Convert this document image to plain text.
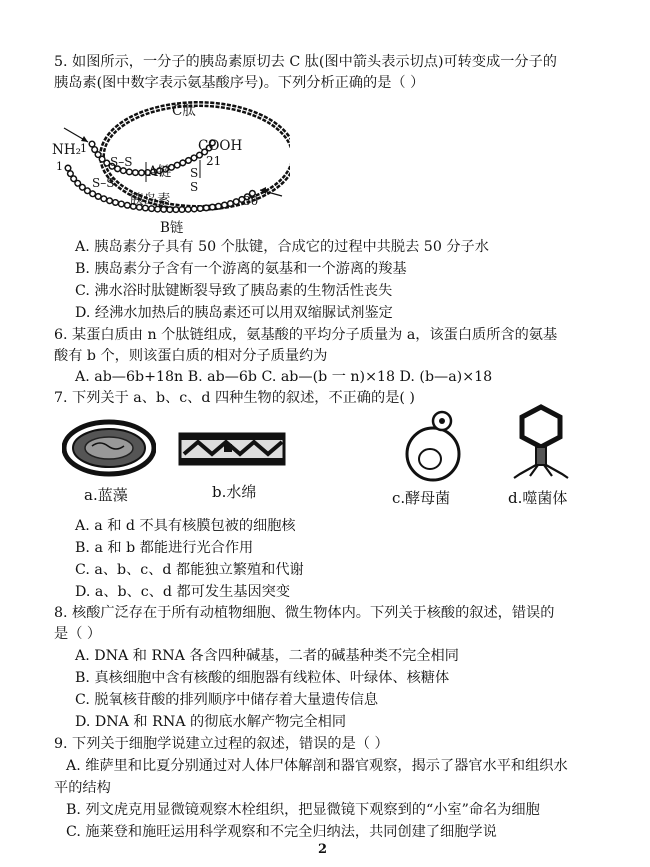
5. 如图所示，一分子的胰岛素原切去 C 肽(图中箭头表示切点)可转变成一分子的
胰岛素(图中数字表示氨基酸序号)。下列分析正确的是（ ）
C肽
NH₂ 1
1
COOH
21
S–S
A链 S
S–S	S
胰岛素	30
B链
A. 胰岛素分子具有 50 个肽键，合成它的过程中共脱去 50 分子水
B. 胰岛素分子含有一个游离的氨基和一个游离的羧基
C. 沸水浴时肽键断裂导致了胰岛素的生物活性丧失
D. 经沸水加热后的胰岛素还可以用双缩脲试剂鉴定
6. 某蛋白质由 n 个肽链组成，氨基酸的平均分子质量为 a，该蛋白质所含的氨基
酸有 b 个，则该蛋白质的相对分子质量约为
A. ab—6b+18n B. ab—6b C. ab—(b 一 n)×18 D. (b—a)×18
7. 下列关于 a、b、c、d 四种生物的叙述，不正确的是( )
a.蓝藻	b.水绵	c.酵母菌	d.噬菌体
A. a 和 d 不具有核膜包被的细胞核
B. a 和 b 都能进行光合作用
C. a、b、c、d 都能独立繁殖和代谢
D. a、b、c、d 都可发生基因突变
8. 核酸广泛存在于所有动植物细胞、微生物体内。下列关于核酸的叙述，错误的
是（ ）
A. DNA 和 RNA 各含四种碱基，二者的碱基种类不完全相同
B. 真核细胞中含有核酸的细胞器有线粒体、叶绿体、核糖体
C. 脱氧核苷酸的排列顺序中储存着大量遗传信息
D. DNA 和 RNA 的彻底水解产物完全相同
9. 下列关于细胞学说建立过程的叙述，错误的是（ ）
A. 维萨里和比夏分别通过对人体尸体解剖和器官观察，揭示了器官水平和组织水
平的结构
B. 列文虎克用显微镜观察木栓组织，把显微镜下观察到的“小室”命名为细胞
C. 施莱登和施旺运用科学观察和不完全归纳法，共同创建了细胞学说
2
